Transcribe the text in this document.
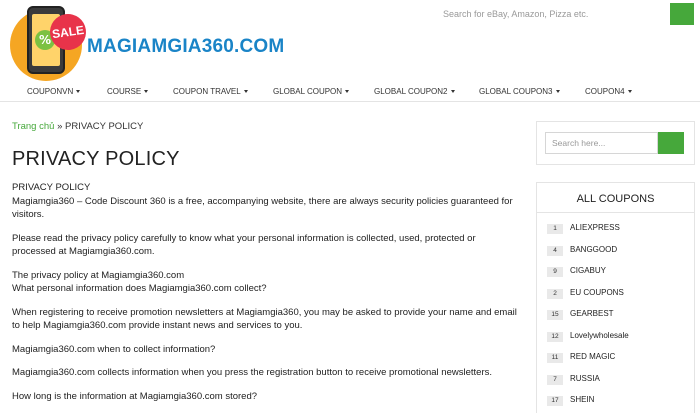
% SALE
MAGIAMGIA360.COM
Search for eBay, Amazon, Pizza etc.
COUPONVN	COURSE	COUPON TRAVEL	GLOBAL COUPON	GLOBAL COUPON2	GLOBAL COUPON3	COUPON4
Trang chủ » PRIVACY POLICY
PRIVACY POLICY
PRIVACY POLICY

Magiamgia360 – Code Discount 360 is a free, accompanying website, there are always security policies guaranteed for visitors.

Please read the privacy policy carefully to know what your personal information is collected, used, protected or processed at Magiamgia360.com.

The privacy policy at Magiamgia360.com

What personal information does Magiamgia360.com collect?

When registering to receive promotion newsletters at Magiamgia360, you may be asked to provide your name and email to help Magiamgia360.com provide instant news and services to you.

Magiamgia360.com when to collect information?

Magiamgia360.com collects information when you press the registration button to receive promotional newsletters.

How long is the information at Magiamgia360.com stored?

Search here...
ALL COUPONS
1	ALIEXPRESS
4	BANGGOOD
9	CIGABUY
2	EU COUPONS
15	GEARBEST
12	Lovelywholesale
11	RED MAGIC
7	RUSSIA
17	SHEIN
